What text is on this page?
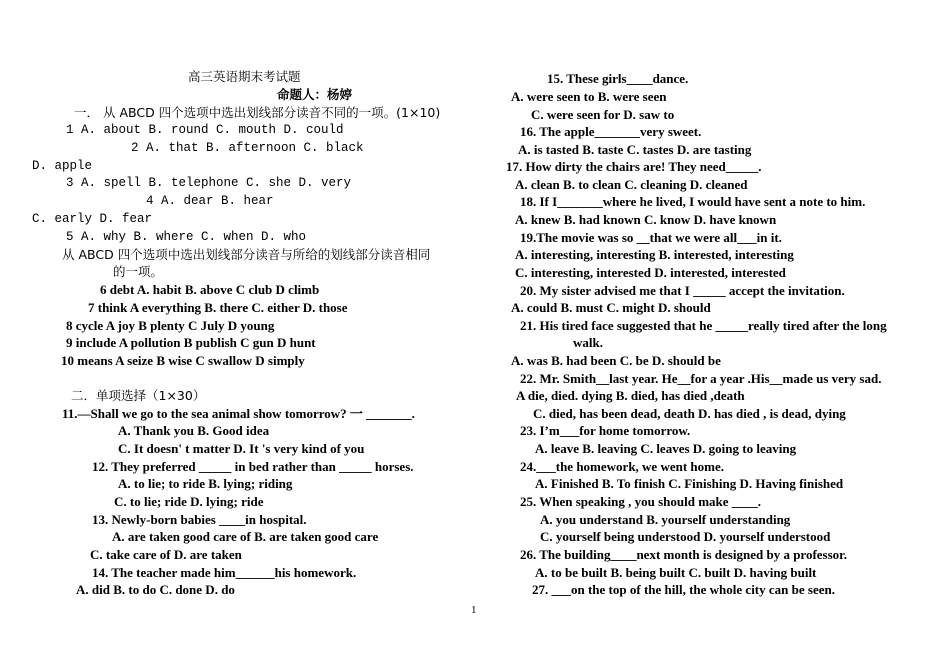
高三英语期末考试题
命题人：杨婷
一． 从 ABCD 四个选项中选出划线部分读音不同的一项。(1×10)
1 A. about B. round C. mouth D. could
2 A. that B. afternoon C. black
D. apple
3 A. spell B. telephone C. she D. very
4 A. dear B. hear
C. early D. fear
5 A. why B. where C. when D. who
从 ABCD 四个选项中选出划线部分读音与所给的划线部分读音相同
的一项。
6 debt A. habit B. above C club D climb
7 think A everything B. there C. either D. those
8 cycle A joy B plenty C July D young
9 include A pollution B publish C gun D hunt
10 means A seize B wise C swallow D simply
二．单项选择（1×30）
11.—Shall we go to the sea animal show tomorrow? 一 _______.
A. Thank you B. Good idea
C. It doesn' t matter D. It 's very kind of you
12. They preferred _____ in bed rather than _____ horses.
A. to lie; to ride B. lying; riding
C. to lie; ride D. lying; ride
13. Newly-born babies ____in hospital.
A. are taken good care of B. are taken good care
C. take care of D. are taken
14. The teacher made him______his homework.
A. did B. to do C. done D. do
15. These girls____dance.
A. were seen to B. were seen
C. were seen for D. saw to
16. The apple_______very sweet.
A. is tasted B. taste C. tastes D. are tasting
17. How dirty the chairs are! They need_____.
A. clean B. to clean C. cleaning D. cleaned
18. If I_______where he lived, I would have sent a note to him.
A. knew B. had known C. know D. have known
19.The movie was so __that we were all___in it.
A. interesting, interesting B. interested, interesting
C. interesting, interested D. interested, interested
20. My sister advised me that I _____ accept the invitation.
A. could B. must C. might D. should
21. His tired face suggested that he _____really tired after the long
walk.
A. was B. had been C. be D. should be
22. Mr. Smith__last year. He__for a year .His__made us very sad.
A die, died. dying B. died, has died ,death
C. died, has been dead, death D. has died , is dead, dying
23. I’m___for home tomorrow.
A. leave B. leaving C. leaves D. going to leaving
24.___the homework, we went home.
A. Finished B. To finish C. Finishing D. Having finished
25. When speaking , you should make ____.
A. you understand B. yourself understanding
C. yourself being understood D. yourself understood
26. The building____next month is designed by a professor.
A. to be built B. being built C. built D. having built
27. ___on the top of the hill, the whole city can be seen.
1
